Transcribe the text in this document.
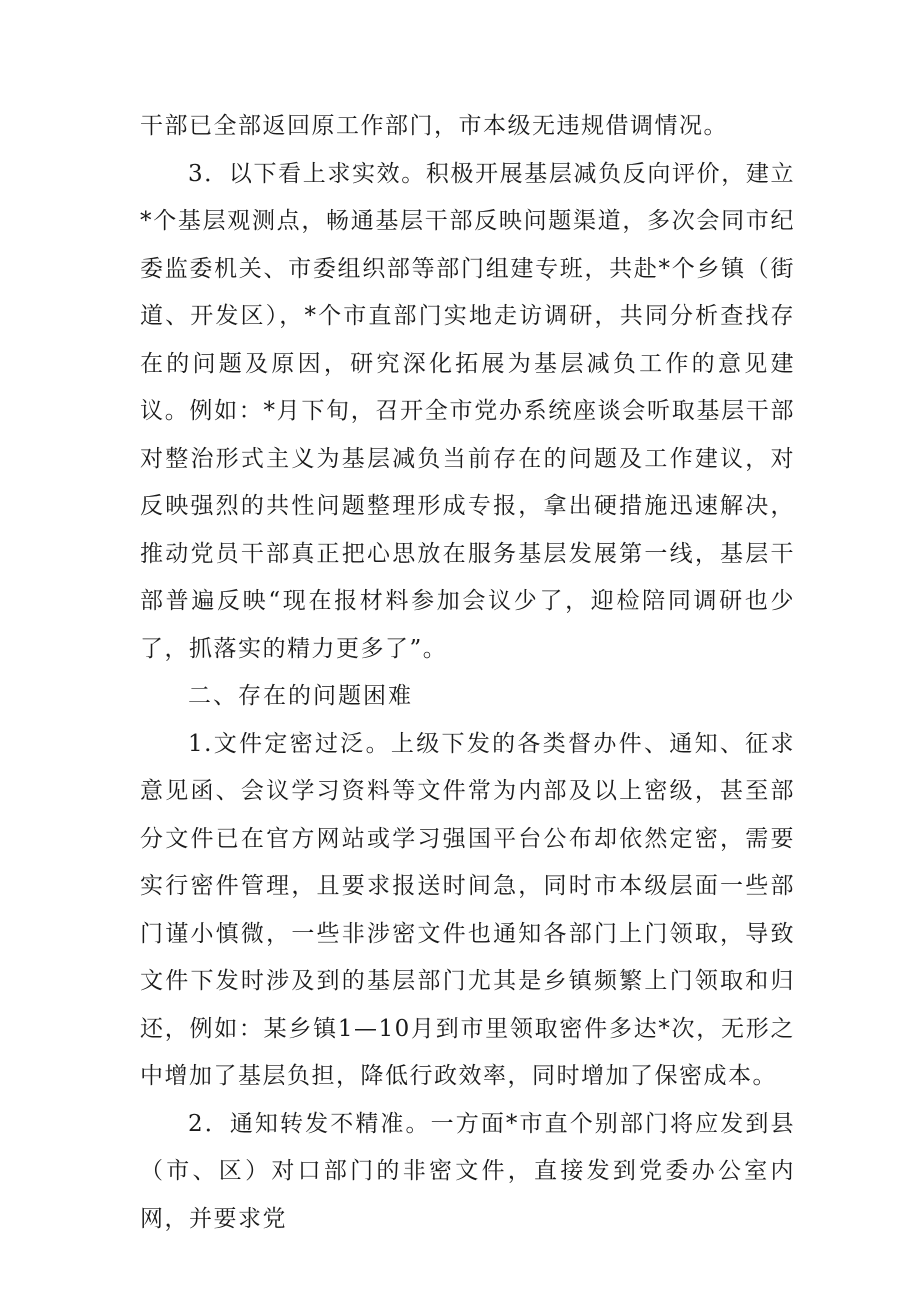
干部已全部返回原工作部门，市本级无违规借调情况。

3．以下看上求实效。积极开展基层减负反向评价，建立*个基层观测点，畅通基层干部反映问题渠道，多次会同市纪委监委机关、市委组织部等部门组建专班，共赴*个乡镇（街道、开发区），*个市直部门实地走访调研，共同分析查找存在的问题及原因，研究深化拓展为基层减负工作的意见建议。例如：*月下旬，召开全市党办系统座谈会听取基层干部对整治形式主义为基层减负当前存在的问题及工作建议，对反映强烈的共性问题整理形成专报，拿出硬措施迅速解决，推动党员干部真正把心思放在服务基层发展第一线，基层干部普遍反映“现在报材料参加会议少了，迎检陪同调研也少了，抓落实的精力更多了”。

二、存在的问题困难

1.文件定密过泛。上级下发的各类督办件、通知、征求意见函、会议学习资料等文件常为内部及以上密级，甚至部分文件已在官方网站或学习强国平台公布却依然定密，需要实行密件管理，且要求报送时间急，同时市本级层面一些部门谨小慎微，一些非涉密文件也通知各部门上门领取，导致文件下发时涉及到的基层部门尤其是乡镇频繁上门领取和归还，例如：某乡镇1—10月到市里领取密件多达*次，无形之中增加了基层负担，降低行政效率，同时增加了保密成本。

2．通知转发不精准。一方面*市直个别部门将应发到县（市、区）对口部门的非密文件，直接发到党委办公室内网，并要求党
